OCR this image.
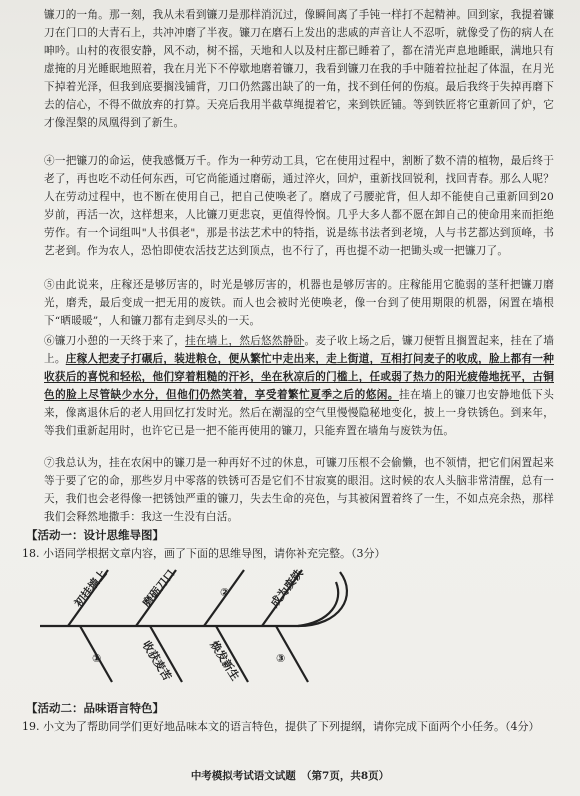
镰刀的一角。那一刻，我从未看到镰刀是那样消沉过，像瞬间离了手钝一样打不起精神。回到家，我提着镰刀在门口的大青石上，共冲冲磨了半夜。镰刀在磨石上发出的悲戚的声音让人不忍听，就像受了伤的病人在呻吟。山村的夜很安静，风不动，树不摇，天地和人以及村庄都已睡着了，都在清光声息地睡眠，满地只有虚掩的月光睡眠地照着，我在月光下不停歇地磨着镰刀，我看到镰刀在我的手中随着拉扯起了体温，在月光下掉着光泽，但我到底要搁浅铺背，刀口仍然露出缺了的一角，找不到任何的伤痕。最后我终于失掉再磨下去的信心，不得不做放弃的打算。天亮后我用半截草绳提着它，来到铁匠铺。等到铁匠将它重新回了炉，它才像涅槃的凤凰得到了新生。
④一把镰刀的命运，使我感慨万千。作为一种劳动工具，它在使用过程中，割断了数不清的植物，最后终于老了，再也吃不动任何东西，可它尚能通过磨砺，通过淬火，回炉，重新找回锐利，找回青春。那么人呢？人在劳动过程中，也不断在使用自己，把自己使唤老了。磨成了弓腰驼背，但人却不能使自己重新回到20岁前，再活一次，这样想来，人比镰刀更悲哀，更值得怜悯。几乎大多人都不愿在卸自己的使命用来而拒绝劳作。有一个词组叫"人书俱老"，那是书法艺术中的特指，说是练书法者到老境，人与书艺都达到顶峰，书艺老到。作为农人，恐怕即使农活技艺达到顶点，也不行了，再也提不动一把锄头或一把镰刀了。
⑤由此说来，庄稼还是够厉害的，时光是够厉害的，机器也是够厉害的。庄稼能用它脆弱的茎秆把镰刀磨光，磨秃，最后变成一把无用的废铁。而人也会被时光使唤老，像一台到了使用期限的机器，闲置在墙根下“晒暖暖”，人和镰刀都有走到尽头的一天。
⑥镰刀小憩的一天终于来了，挂在墙上，然后悠然静卧。麦子收上场之后，镰刀便暂且搁置起来，挂在了墙上。庄稼人把麦子打碾后，装进粮仓，便从繁忙中走出来，走上街道，互相打问麦子的收成，脸上都有一种收获后的喜悦和轻松，他们穿着粗糙的汗衫，坐在秋凉后的门槛上，任或弱了热力的阳光疲倦地抚平，古铜色的脸上尽管缺少水分，但他们仍然笑着，享受着繁忙夏季之后的悠闲。挂在墙上的镰刀也安静地低下头来，像离退休后的老人用回忆打发时光。然后在潮湿的空气里慢慢隐秘地变化，披上一身铁锈色。到来年，等我们重新起用时，也许它已是一把不能再使用的镰刀，只能弃置在墙角与废铁为伍。
⑦我总认为，挂在农闲中的镰刀是一种再好不过的休息，可镰刀压根不会偷懒，也不领情，把它们闲置起来等于要了它的命，那些岁月中零落的铁锈可否是它们不甘寂寞的眼泪。这时候的农人头脑非常清醒，总有一天，我们也会老得像一把锈蚀严重的镰刀，失去生命的亮色，与其被闲置着终了一生，不如点亮余热，那样我们会释然地撒手：我这一生没有白活。
【活动一：设计思维导图】
18. 小语同学根据文章内容，画了下面的思维导图，请你补充完整。（3分）
初挂墙上	磨砺刀口	②	成为废铁
①	收获麦苦	焕发新生	③
【活动二：品味语言特色】
19. 小文为了帮助同学们更好地品味本文的语言特色，提供了下列提纲，请你完成下面两个小任务。（4分）
中考模拟考试语文试题　（第7页，共8页）
